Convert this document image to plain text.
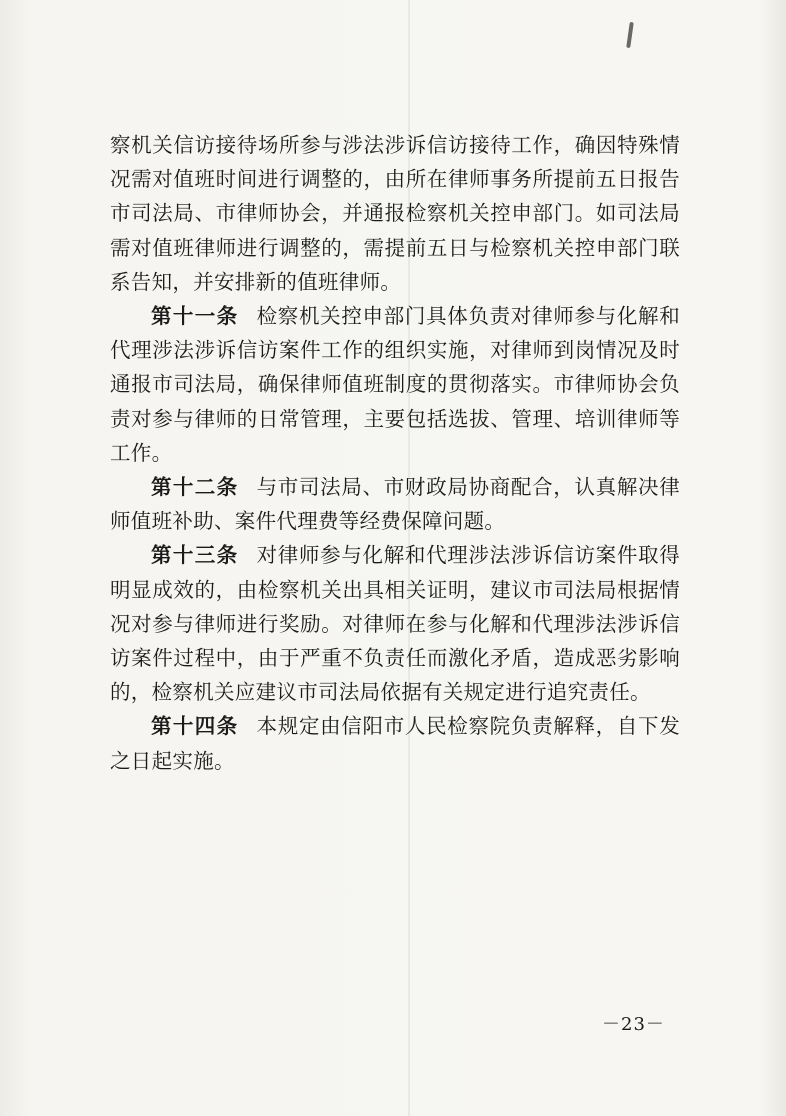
察机关信访接待场所参与涉法涉诉信访接待工作，确因特殊情况需对值班时间进行调整的，由所在律师事务所提前五日报告市司法局、市律师协会，并通报检察机关控申部门。如司法局需对值班律师进行调整的，需提前五日与检察机关控申部门联系告知，并安排新的值班律师。

第十一条 检察机关控申部门具体负责对律师参与化解和代理涉法涉诉信访案件工作的组织实施，对律师到岗情况及时通报市司法局，确保律师值班制度的贯彻落实。市律师协会负责对参与律师的日常管理，主要包括选拔、管理、培训律师等工作。

第十二条 与市司法局、市财政局协商配合，认真解决律师值班补助、案件代理费等经费保障问题。

第十三条 对律师参与化解和代理涉法涉诉信访案件取得明显成效的，由检察机关出具相关证明，建议市司法局根据情况对参与律师进行奖励。对律师在参与化解和代理涉法涉诉信访案件过程中，由于严重不负责任而激化矛盾，造成恶劣影响的，检察机关应建议市司法局依据有关规定进行追究责任。

第十四条 本规定由信阳市人民检察院负责解释，自下发之日起实施。

－23－
